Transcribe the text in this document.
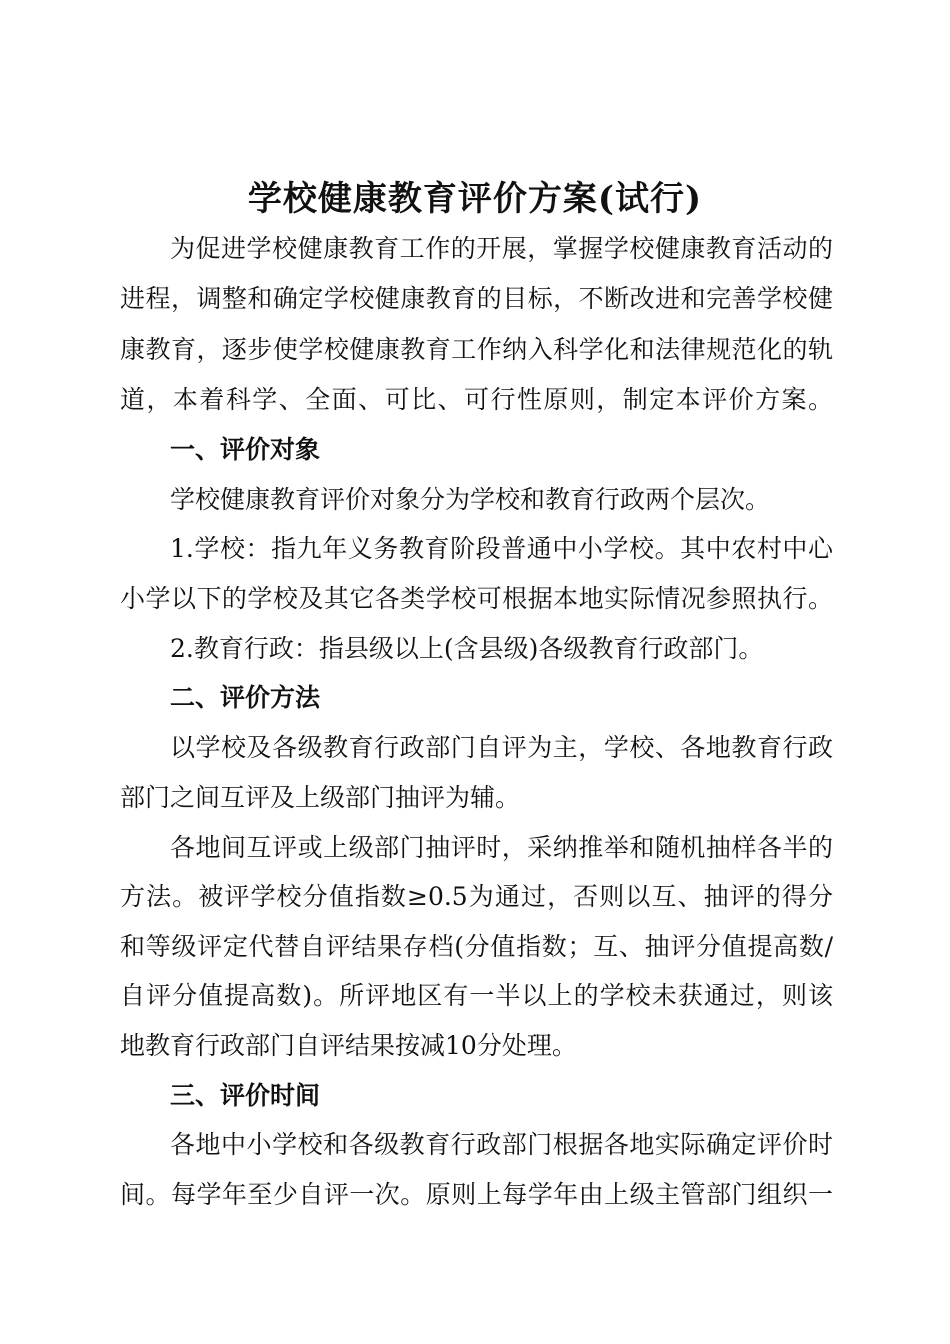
学校健康教育评价方案(试行)
为促进学校健康教育工作的开展，掌握学校健康教育活动的
进程，调整和确定学校健康教育的目标，不断改进和完善学校健
康教育，逐步使学校健康教育工作纳入科学化和法律规范化的轨
道，本着科学、全面、可比、可行性原则，制定本评价方案。
一、评价对象
学校健康教育评价对象分为学校和教育行政两个层次。
1.学校：指九年义务教育阶段普通中小学校。其中农村中心
小学以下的学校及其它各类学校可根据本地实际情况参照执行。
2.教育行政：指县级以上(含县级)各级教育行政部门。
二、评价方法
以学校及各级教育行政部门自评为主，学校、各地教育行政
部门之间互评及上级部门抽评为辅。
各地间互评或上级部门抽评时，采纳推举和随机抽样各半的
方法。被评学校分值指数≥0.5为通过，否则以互、抽评的得分
和等级评定代替自评结果存档(分值指数；互、抽评分值提高数/
自评分值提高数)。所评地区有一半以上的学校未获通过，则该
地教育行政部门自评结果按减10分处理。
三、评价时间
各地中小学校和各级教育行政部门根据各地实际确定评价时
间。每学年至少自评一次。原则上每学年由上级主管部门组织一
